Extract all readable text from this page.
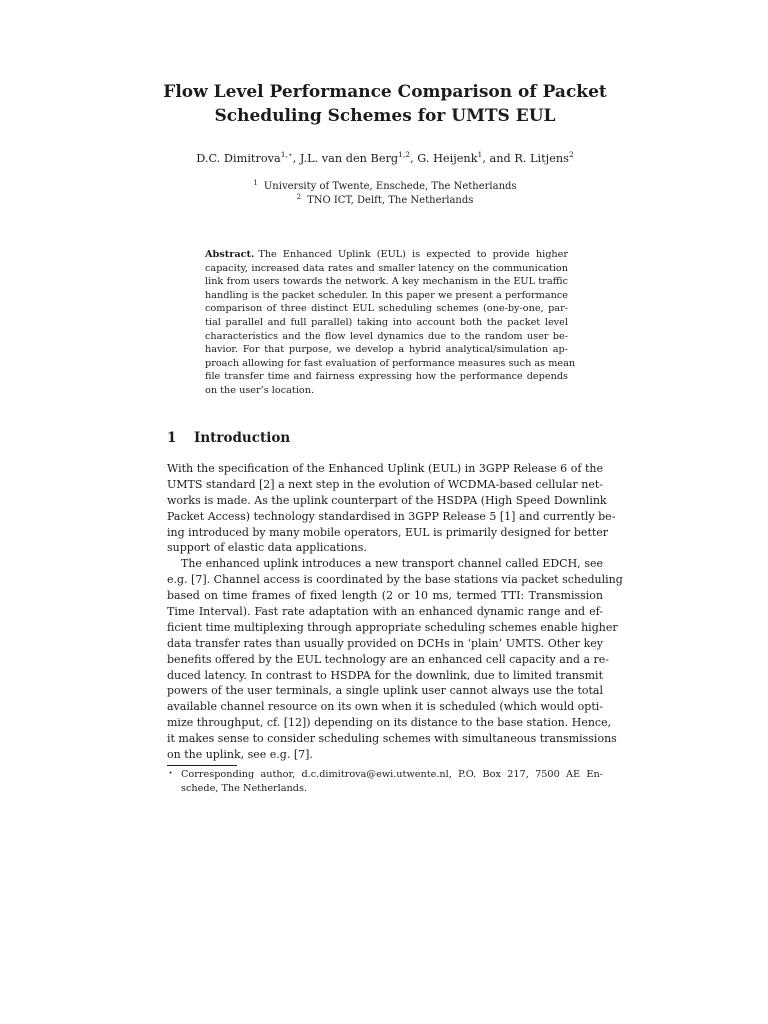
Flow Level Performance Comparison of Packet
Scheduling Schemes for UMTS EUL
D.C. Dimitrova$^{1,⋆}$, J.L. van den Berg$^{1,2}$, G. Heijenk$^1$, and R. Litjens$^2$
$^1$ University of Twente, Enschede, The Netherlands
$^2$ TNO ICT, Delft, The Netherlands
Abstract. The Enhanced Uplink (EUL) is expected to provide higher
capacity, increased data rates and smaller latency on the communication
link from users towards the network. A key mechanism in the EUL traffic
handling is the packet scheduler. In this paper we present a performance
comparison of three distinct EUL scheduling schemes (one-by-one, par-
tial parallel and full parallel) taking into account both the packet level
characteristics and the flow level dynamics due to the random user be-
havior. For that purpose, we develop a hybrid analytical/simulation ap-
proach allowing for fast evaluation of performance measures such as mean
file transfer time and fairness expressing how the performance depends
on the user’s location.
1 Introduction
With the specification of the Enhanced Uplink (EUL) in 3GPP Release 6 of the
UMTS standard [2] a next step in the evolution of WCDMA-based cellular net-
works is made. As the uplink counterpart of the HSDPA (High Speed Downlink
Packet Access) technology standardised in 3GPP Release 5 [1] and currently be-
ing introduced by many mobile operators, EUL is primarily designed for better
support of elastic data applications.
The enhanced uplink introduces a new transport channel called EDCH, see
e.g. [7]. Channel access is coordinated by the base stations via packet scheduling
based on time frames of fixed length (2 or 10 ms, termed TTI: Transmission
Time Interval). Fast rate adaptation with an enhanced dynamic range and ef-
ficient time multiplexing through appropriate scheduling schemes enable higher
data transfer rates than usually provided on DCHs in ‘plain’ UMTS. Other key
benefits offered by the EUL technology are an enhanced cell capacity and a re-
duced latency. In contrast to HSDPA for the downlink, due to limited transmit
powers of the user terminals, a single uplink user cannot always use the total
available channel resource on its own when it is scheduled (which would opti-
mize throughput, cf. [12]) depending on its distance to the base station. Hence,
it makes sense to consider scheduling schemes with simultaneous transmissions
on the uplink, see e.g. [7].
⋆ Corresponding author, d.c.dimitrova@ewi.utwente.nl, P.O. Box 217, 7500 AE En-
schede, The Netherlands.
